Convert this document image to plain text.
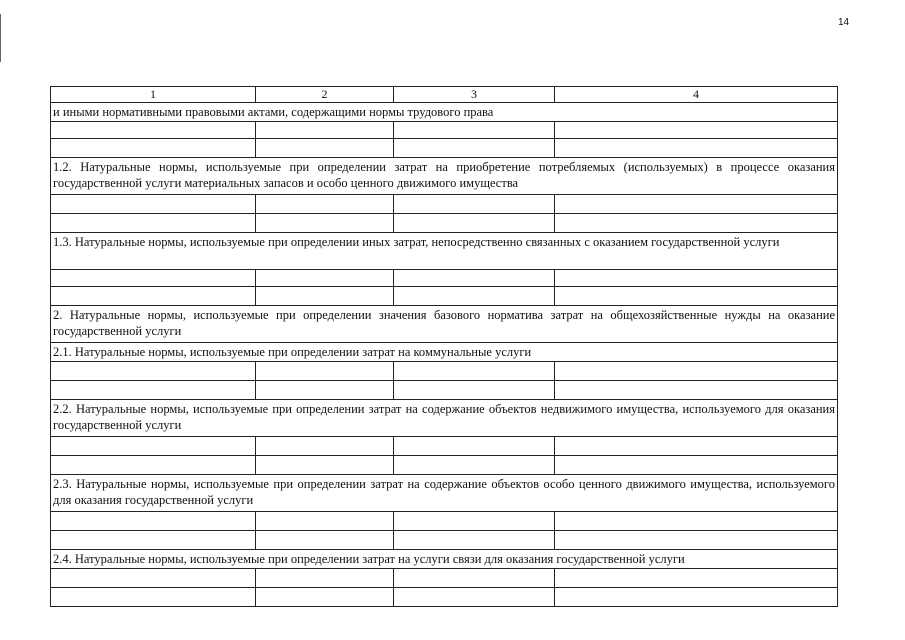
14
1	2	3	4
и иными нормативными правовыми актами, содержащими нормы трудового права
1.2. Натуральные нормы, используемые при определении затрат на приобретение потребляемых (используемых) в процессе оказания государственной услуги материальных запасов и особо ценного движимого имущества
1.3. Натуральные нормы, используемые при определении иных затрат, непосредственно связанных с оказанием государственной услуги
2. Натуральные нормы, используемые при определении значения базового норматива затрат на общехозяйственные нужды на оказание государственной услуги
2.1. Натуральные нормы, используемые при определении затрат на коммунальные услуги
2.2. Натуральные нормы, используемые при определении затрат на содержание объектов недвижимого имущества, используемого для оказания государственной услуги
2.3. Натуральные нормы, используемые при определении затрат на содержание объектов особо ценного движимого имущества, используемого для оказания государственной услуги
2.4. Натуральные нормы, используемые при определении затрат на услуги связи для оказания государственной услуги
